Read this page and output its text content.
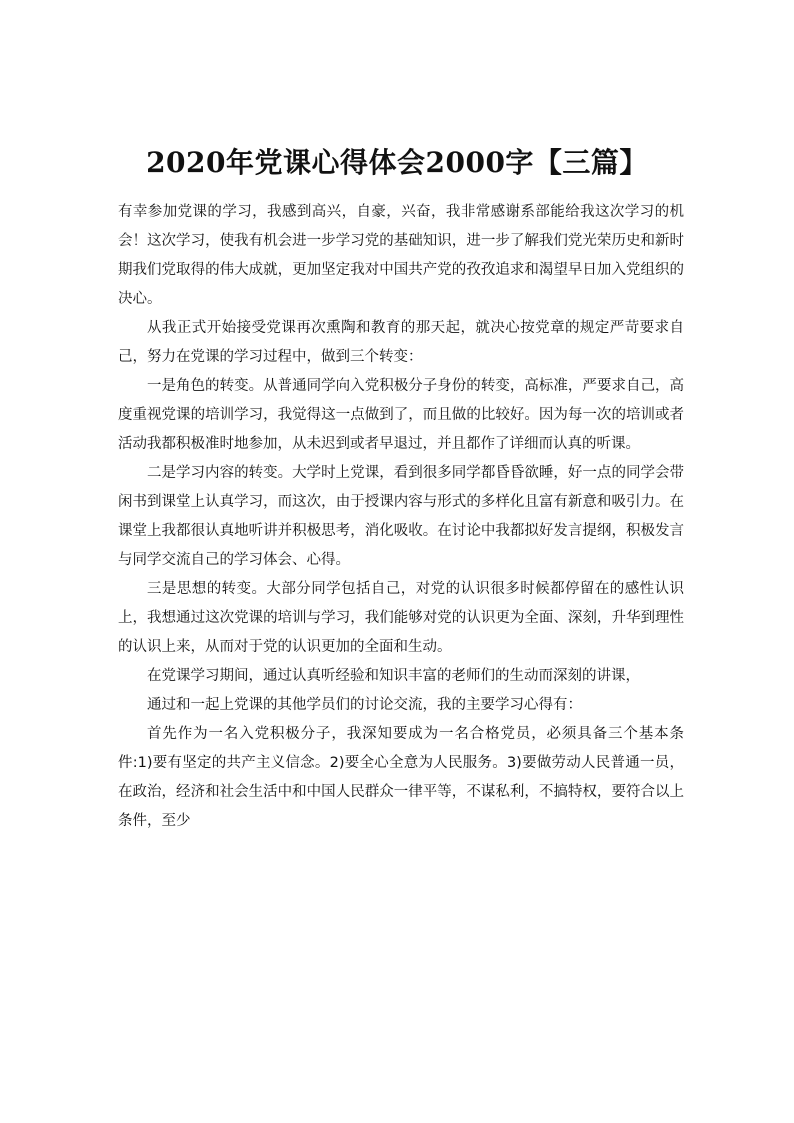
2020年党课心得体会2000字【三篇】

有幸参加党课的学习，我感到高兴，自豪，兴奋，我非常感谢系部能给我这次学习的机会！这次学习，使我有机会进一步学习党的基础知识，进一步了解我们党光荣历史和新时期我们党取得的伟大成就，更加坚定我对中国共产党的孜孜追求和渴望早日加入党组织的决心。

从我正式开始接受党课再次熏陶和教育的那天起，就决心按党章的规定严苛要求自己，努力在党课的学习过程中，做到三个转变：

一是角色的转变。从普通同学向入党积极分子身份的转变，高标准，严要求自己，高度重视党课的培训学习，我觉得这一点做到了，而且做的比较好。因为每一次的培训或者活动我都积极准时地参加，从未迟到或者早退过，并且都作了详细而认真的听课。

二是学习内容的转变。大学时上党课，看到很多同学都昏昏欲睡，好一点的同学会带闲书到课堂上认真学习，而这次，由于授课内容与形式的多样化且富有新意和吸引力。在课堂上我都很认真地听讲并积极思考，消化吸收。在讨论中我都拟好发言提纲，积极发言与同学交流自己的学习体会、心得。

三是思想的转变。大部分同学包括自己，对党的认识很多时候都停留在的感性认识上，我想通过这次党课的培训与学习，我们能够对党的认识更为全面、深刻，升华到理性的认识上来，从而对于党的认识更加的全面和生动。

在党课学习期间，通过认真听经验和知识丰富的老师们的生动而深刻的讲课，

通过和一起上党课的其他学员们的讨论交流，我的主要学习心得有：

首先作为一名入党积极分子，我深知要成为一名合格党员，必须具备三个基本条件:1)要有坚定的共产主义信念。2)要全心全意为人民服务。3)要做劳动人民普通一员，在政治，经济和社会生活中和中国人民群众一律平等，不谋私利，不搞特权，要符合以上条件，至少
